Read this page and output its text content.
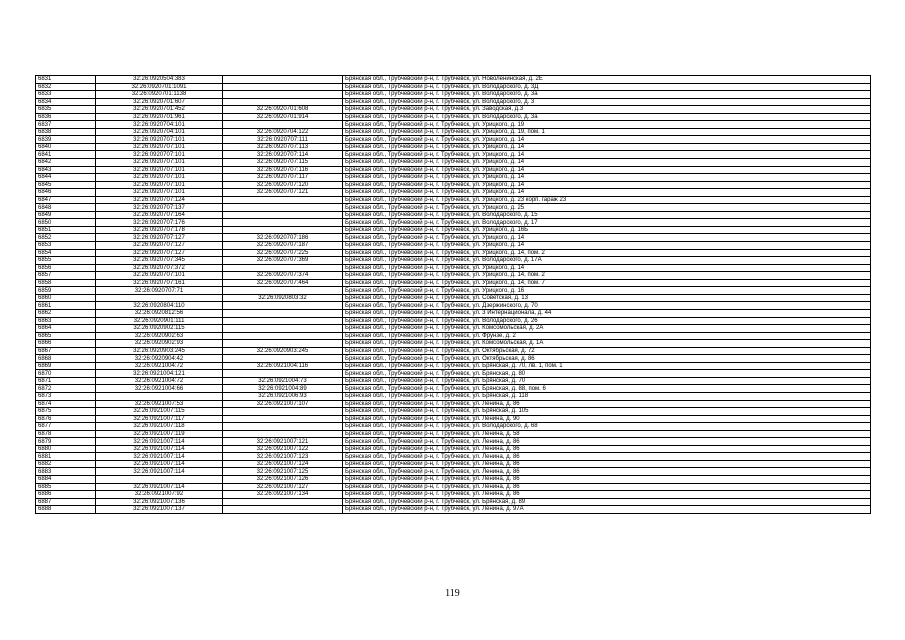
6831	32:26:0920504:383		Брянская обл., Трубчевский р-н, г. Трубчевск, ул. Новоленинская, д. 2Е
6832	32:26:0920701:1091		Брянская обл., Трубчевский р-н, г. Трубчевск, ул. Володарского, д. 3Д
6833	32:26:0920701:1138		Брянская обл., Трубчевский р-н, г. Трубчевск, ул. Володарского, д. 3а
6834	32:26:0920701:607		Брянская обл., Трубчевский р-н, г. Трубчевск, ул. Володарского, д. 3
6835	32:26:0920701:452	32:26:0920701:608	Брянская обл., Трубчевский р-н, г. Трубчевск, ул. Заводская, д.3
6836	32:26:0920701:961	32:26:0920701:914	Брянская обл., Трубчевский р-н, г. Трубчевск, ул. Володарского, д. 3а
6837	32:26:0920704:101		Брянская обл., Трубчевский р-н, г. Трубчевск, ул. Урицкого, д. 19
6838	32:26:0920704:101	32:26:0920704:122	Брянская обл., Трубчевский р-н, г. Трубчевск, ул. Урицкого, д. 19, пом. 1
6839	32:26:0920707:101	32:26:0920707:111	Брянская обл., Трубчевский р-н, г. Трубчевск, ул. Урицкого, д. 14
6840	32:26:0920707:101	32:26:0920707:113	Брянская обл., Трубчевский р-н, г. Трубчевск, ул. Урицкого, д. 14
6841	32:26:0920707:101	32:26:0920707:114	Брянская обл., Трубчевский р-н, г. Трубчевск, ул. Урицкого, д. 14
6842	32:26:0920707:101	32:26:0920707:115	Брянская обл., Трубчевский р-н, г. Трубчевск, ул. Урицкого, д. 14
6843	32:26:0920707:101	32:26:0920707:116	Брянская обл., Трубчевский р-н, г. Трубчевск, ул. Урицкого, д. 14
6844	32:26:0920707:101	32:26:0920707:117	Брянская обл., Трубчевский р-н, г. Трубчевск, ул. Урицкого, д. 14
6845	32:26:0920707:101	32:26:0920707:120	Брянская обл., Трубчевский р-н, г. Трубчевск, ул. Урицкого, д. 14
6846	32:26:0920707:101	32:26:0920707:121	Брянская обл., Трубчевский р-н, г. Трубчевск, ул. Урицкого, д. 14
6847	32:26:0920707:124		Брянская обл., Трубчевский р-н, г. Трубчевск, ул. Урицкого, д. 23 корп. гараж 23
6848	32:26:0920707:137		Брянская обл., Трубчевский р-н, г. Трубчевск, ул. Урицкого, д. 25
6849	32:26:0920707:164		Брянская обл., Трубчевский р-н, г. Трубчевск, ул. Володарского, д. 15
6850	32:26:0920707:176		Брянская обл., Трубчевский р-н, г. Трубчевск, ул. Володарского, д. 17
6851	32:26:0920707:178		Брянская обл., Трубчевский р-н, г. Трубчевск, ул. Урицкого, д. 16Б
6852	32:26:0920707:127	32:26:0920707:186	Брянская обл., Трубчевский р-н, г. Трубчевск, ул. Урицкого, д. 14
6853	32:26:0920707:127	32:26:0920707:187	Брянская обл., Трубчевский р-н, г. Трубчевск, ул. Урицкого, д. 14
6854	32:26:0920707:127	32:26:0920707:225	Брянская обл., Трубчевский р-н, г. Трубчевск, ул. Урицкого, д. 14, пом. 2
6855	32:26:0920707:345	32:26:0920707:369	Брянская обл., Трубчевский р-н, г. Трубчевск, ул. Володарского, д. 17А
6856	32:26:0920707:372		Брянская обл., Трубчевский р-н, г. Трубчевск, ул. Урицкого, д. 14
6857	32:26:0920707:101	32:26:0920707:374	Брянская обл., Трубчевский р-н, г. Трубчевск, ул. Урицкого, д. 14, пом. 2
6858	32:26:0920707:161	32:26:0920707:464	Брянская обл., Трубчевский р-н, г. Трубчевск, ул. Урицкого, д. 14, пом. 7
6859	32:26:0920707:71		Брянская обл., Трубчевский р-н, г. Трубчевск, ул. Урицкого, д. 16
6860		32:26:0920803:32	Брянская обл., Трубчевский р-н, г. Трубчевск, ул. Советская, д. 13
6861	32:26:0920804:110		Брянская обл., Трубчевский р-н, г. Трубчевск, ул. Дзержинского, д. 70
6862	32:26:0920812:56		Брянская обл., Трубчевский р-н, г. Трубчевск, ул. 3 Интернационала, д. 44
6863	32:26:0920901:111		Брянская обл., Трубчевский р-н, г. Трубчевск, ул. Володарского, д. 26
6864	32:26:0920902:115		Брянская обл., Трубчевский р-н, г. Трубчевск, ул. Комсомольская, д. 2А
6865	32:26:0920902:63		Брянская обл., Трубчевский р-н, г. Трубчевск, ул. Фрунзе, д. 2
6866	32:26:0920902:93		Брянская обл., Трубчевский р-н, г. Трубчевск, ул. Комсомольская, д. 1А
6867	32:26:0920903:245	32:26:0920903:245	Брянская обл., Трубчевский р-н, г. Трубчевск, ул. Октябрьская, д. 72
6868	32:26:0920904:42		Брянская обл., Трубчевский р-н, г. Трубчевск, ул. Октябрьская, д. 86
6869	32:26:0921004:72	32:26:0921004:116	Брянская обл., Трубчевский р-н, г. Трубчевск, ул. Брянская, д. 70, лв. 1, пом. 1
6870	32:26:0921004:121		Брянская обл., Трубчевский р-н, г. Трубчевск, ул. Брянская, д. 80
6871	32:26:0921004:72	32:26:0921004:73	Брянская обл., Трубчевский р-н, г. Трубчевск, ул. Брянская, д. 70
6872	32:26:0921004:66	32:26:0921004:89	Брянская обл., Трубчевский р-н, г. Трубчевск, ул. Брянская, д. 88, пом. 6
6873		32:26:0921006:93	Брянская обл., Трубчевский р-н, г. Трубчевск, ул. Брянская, д. 118
6874	32:26:0921007:53	32:26:0921007:107	Брянская обл., Трубчевский р-н, г. Трубчевск, ул. Ленина, д. 86
6875	32:26:0921007:115		Брянская обл., Трубчевский р-н, г. Трубчевск, ул. Брянская, д. 105
6876	32:26:0921007:117		Брянская обл., Трубчевский р-н, г. Трубчевск, ул. Ленина, д. 90
6877	32:26:0921007:118		Брянская обл., Трубчевский р-н, г. Трубчевск, ул. Володарского, д. 68
6878	32:26:0921007:119		Брянская обл., Трубчевский р-н, г. Трубчевск, ул. Ленина, д. 58
6879	32:26:0921007:114	32:26:0921007:121	Брянская обл., Трубчевский р-н, г. Трубчевск, ул. Ленина, д. 86
6880	32:26:0921007:114	32:26:0921007:122	Брянская обл., Трубчевский р-н, г. Трубчевск, ул. Ленина, д. 86
6881	32:26:0921007:114	32:26:0921007:123	Брянская обл., Трубчевский р-н, г. Трубчевск, ул. Ленина, д. 86
6882	32:26:0921007:114	32:26:0921007:124	Брянская обл., Трубчевский р-н, г. Трубчевск, ул. Ленина, д. 86
6883	32:26:0921007:114	32:26:0921007:125	Брянская обл., Трубчевский р-н, г. Трубчевск, ул. Ленина, д. 86
6884		32:26:0921007:126	Брянская обл., Трубчевский р-н, г. Трубчевск, ул. Ленина, д. 86
6885	32:26:0921007:114	32:26:0921007:127	Брянская обл., Трубчевский р-н, г. Трубчевск, ул. Ленина, д. 86
6886	32:26:0921007:92	32:26:0921007:134	Брянская обл., Трубчевский р-н, г. Трубчевск, ул. Ленина, д. 86
6887	32:26:0921007:136		Брянская обл., Трубчевский р-н, г. Трубчевск, ул. Брянская, д. 89
6888	32:26:0921007:137		Брянская обл., Трубчевский р-н, г. Трубчевск, ул. Ленина, д. 97А
119
